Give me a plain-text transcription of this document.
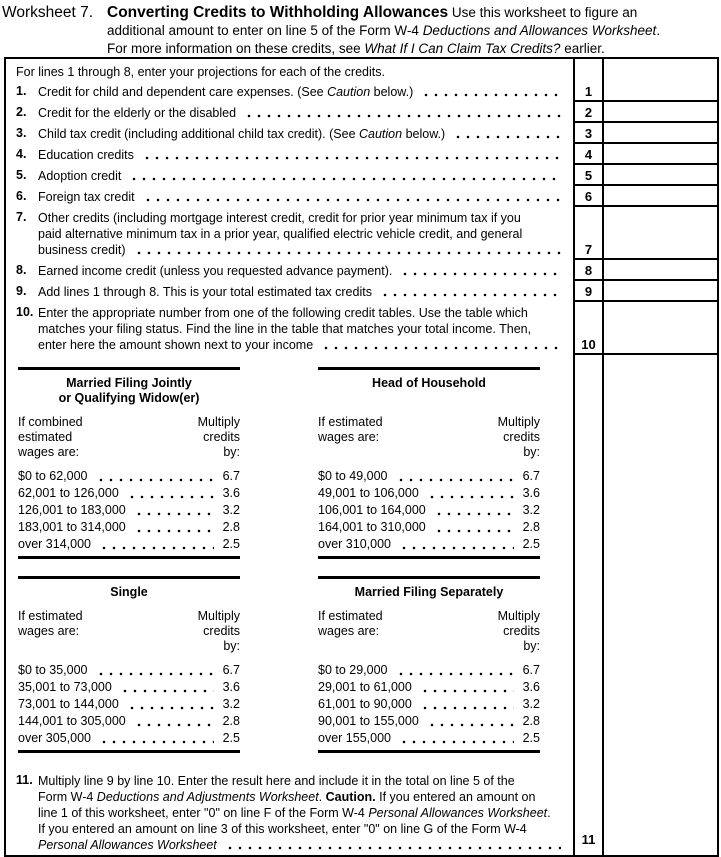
Worksheet 7. Converting Credits to Withholding Allowances Use this worksheet to figure an
additional amount to enter on line 5 of the Form W-4 Deductions and Allowances Worksheet.
For more information on these credits, see What If I Can Claim Tax Credits? earlier.
For lines 1 through 8, enter your projections for each of the credits.
1. Credit for child and dependent care expenses. (See Caution below.)	1
2. Credit for the elderly or the disabled	2
3. Child tax credit (including additional child tax credit). (See Caution below.)	3
4. Education credits	4
5. Adoption credit	5
6. Foreign tax credit	6
7. Other credits (including mortgage interest credit, credit for prior year minimum tax if you
paid alternative minimum tax in a prior year, qualified electric vehicle credit, and general
business credit)	7
8. Earned income credit (unless you requested advance payment).	8
9. Add lines 1 through 8. This is your total estimated tax credits	9
10. Enter the appropriate number from one of the following credit tables. Use the table which
matches your filing status. Find the line in the table that matches your total income. Then,
enter here the amount shown next to your income	10
Married Filing Jointly
or Qualifying Widow(er)
If combined
estimated
wages are:
Multiply
credits
by:
$0 to 62,000	6.7
62,001 to 126,000	3.6
126,001 to 183,000	3.2
183,001 to 314,000	2.8
over 314,000	2.5
Head of Household
If estimated
wages are:
Multiply
credits
by:
$0 to 49,000	6.7
49,001 to 106,000	3.6
106,001 to 164,000	3.2
164,001 to 310,000	2.8
over 310,000	2.5
Single
If estimated
wages are:
Multiply
credits
by:
$0 to 35,000	6.7
35,001 to 73,000	3.6
73,001 to 144,000	3.2
144,001 to 305,000	2.8
over 305,000	2.5
Married Filing Separately
If estimated
wages are:
Multiply
credits
by:
$0 to 29,000	6.7
29,001 to 61,000	3.6
61,001 to 90,000	3.2
90,001 to 155,000	2.8
over 155,000	2.5
11. Multiply line 9 by line 10. Enter the result here and include it in the total on line 5 of the
Form W-4 Deductions and Adjustments Worksheet. Caution. If you entered an amount on
line 1 of this worksheet, enter "0" on line F of the Form W-4 Personal Allowances Worksheet.
If you entered an amount on line 3 of this worksheet, enter "0" on line G of the Form W-4
Personal Allowances Worksheet	11
